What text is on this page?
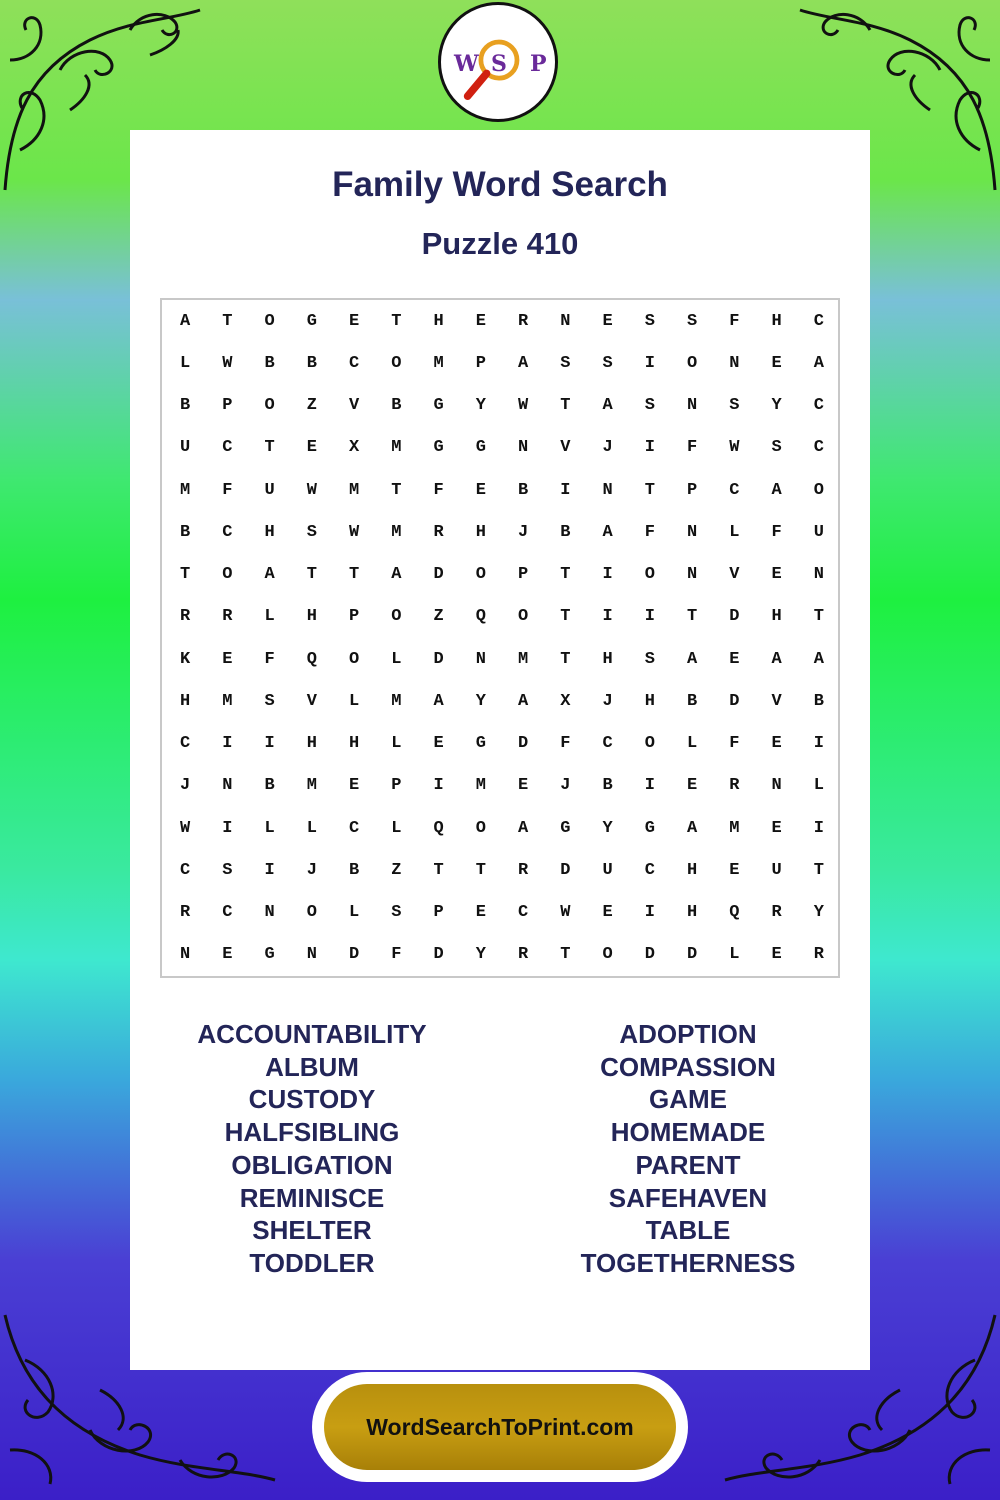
W S P
Family Word Search
Puzzle 410
A	T	O	G	E	T	H	E	R	N	E	S	S	F	H	C
L	W	B	B	C	O	M	P	A	S	S	I	O	N	E	A
B	P	O	Z	V	B	G	Y	W	T	A	S	N	S	Y	C
U	C	T	E	X	M	G	G	N	V	J	I	F	W	S	C
M	F	U	W	M	T	F	E	B	I	N	T	P	C	A	O
B	C	H	S	W	M	R	H	J	B	A	F	N	L	F	U
T	O	A	T	T	A	D	O	P	T	I	O	N	V	E	N
R	R	L	H	P	O	Z	Q	O	T	I	I	T	D	H	T
K	E	F	Q	O	L	D	N	M	T	H	S	A	E	A	A
H	M	S	V	L	M	A	Y	A	X	J	H	B	D	V	B
C	I	I	H	H	L	E	G	D	F	C	O	L	F	E	I
J	N	B	M	E	P	I	M	E	J	B	I	E	R	N	L
W	I	L	L	C	L	Q	O	A	G	Y	G	A	M	E	I
C	S	I	J	B	Z	T	T	R	D	U	C	H	E	U	T
R	C	N	O	L	S	P	E	C	W	E	I	H	Q	R	Y
N	E	G	N	D	F	D	Y	R	T	O	D	D	L	E	R
ACCOUNTABILITY
ALBUM
CUSTODY
HALFSIBLING
OBLIGATION
REMINISCE
SHELTER
TODDLER
ADOPTION
COMPASSION
GAME
HOMEMADE
PARENT
SAFEHAVEN
TABLE
TOGETHERNESS
WordSearchToPrint.com
